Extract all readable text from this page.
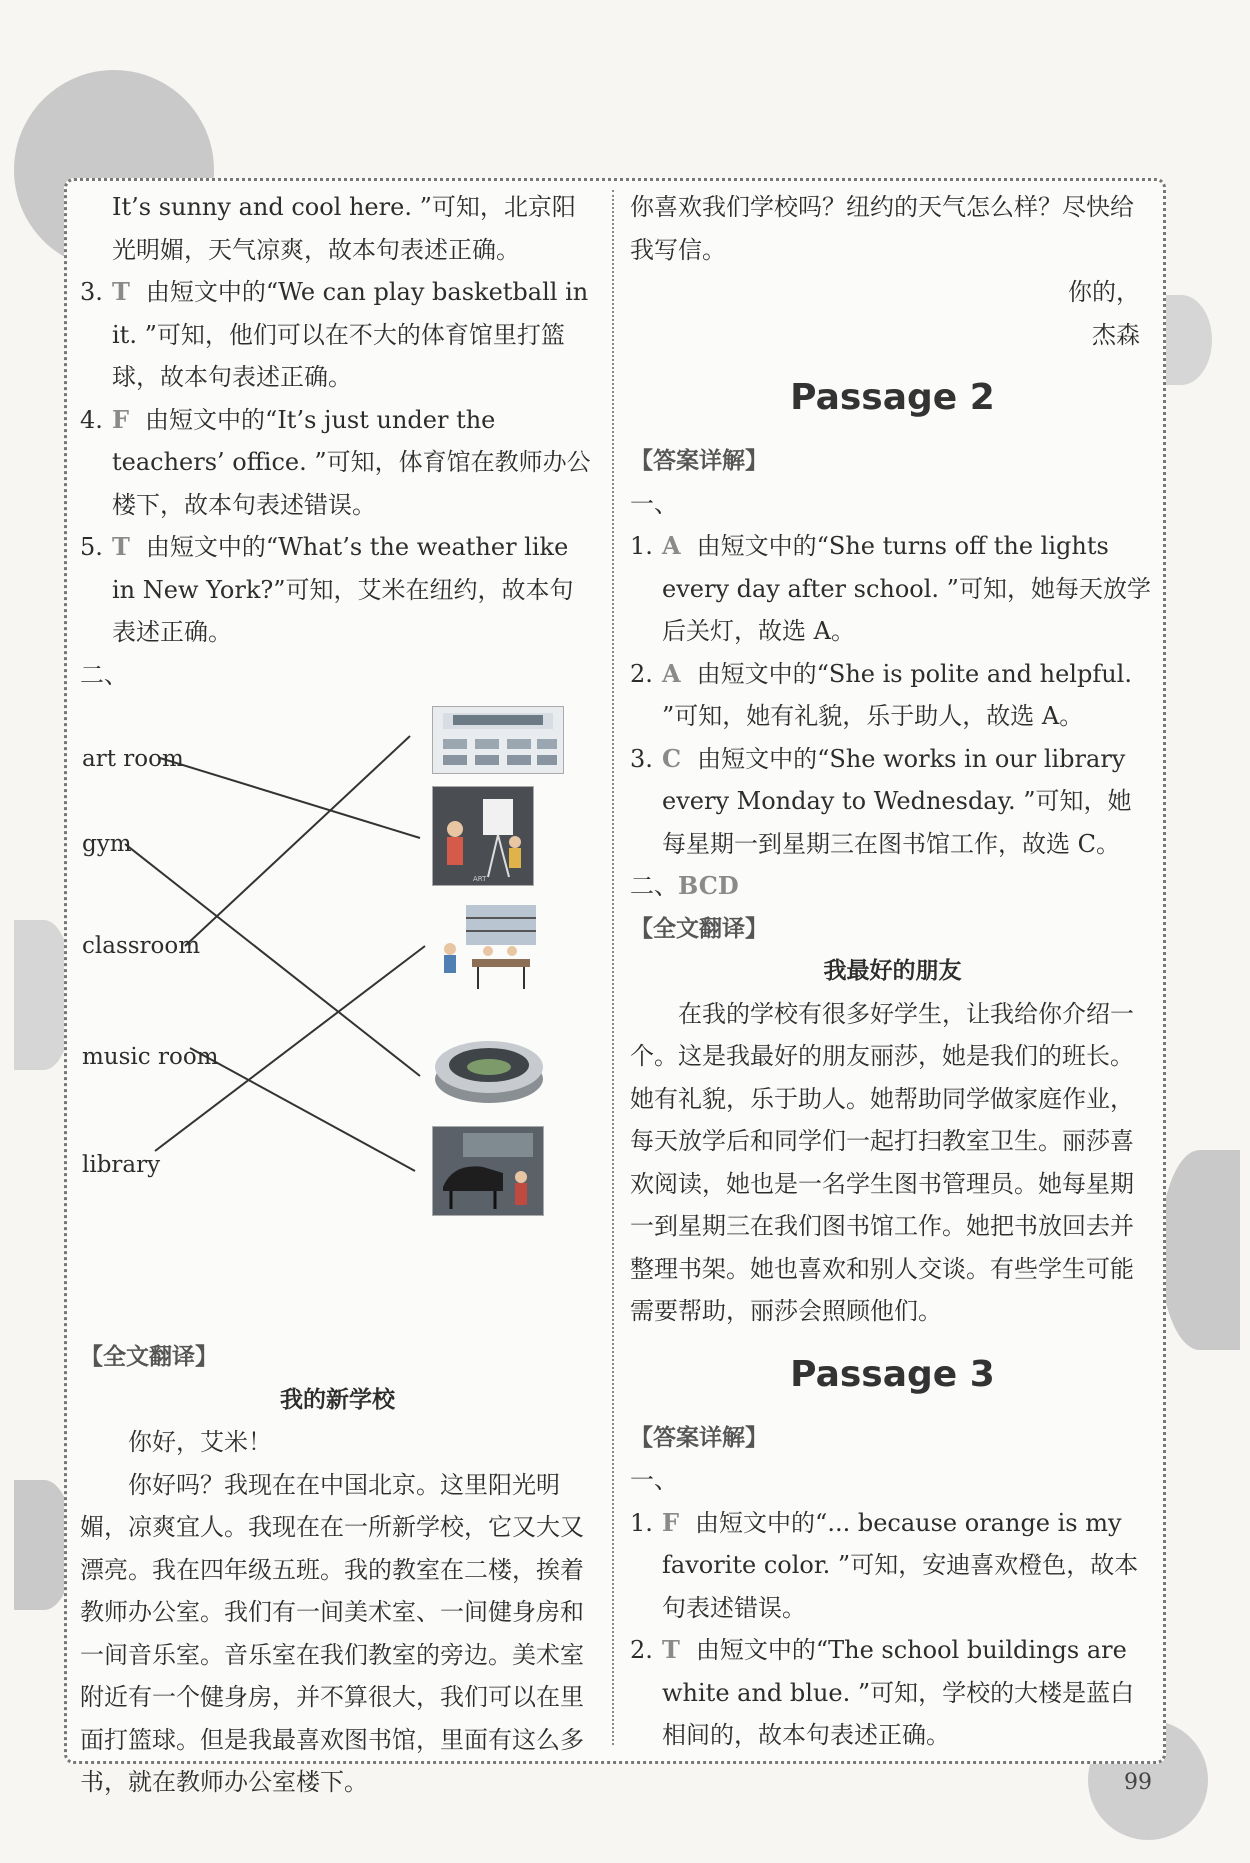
It’s sunny and cool here. ”可知，北京阳光明媚，天气凉爽，故本句表述正确。

3. T 由短文中的“We can play basketball in it. ”可知，他们可以在不大的体育馆里打篮球，故本句表述正确。
4. F 由短文中的“It’s just under the teachers’ office. ”可知，体育馆在教师办公楼下，故本句表述错误。
5. T 由短文中的“What’s the weather like in New York?”可知，艾米在纽约，故本句表述正确。

二、

art room
gym
classroom
music room
library
ART

【全文翻译】

我的新学校

你好，艾米！

你好吗？我现在在中国北京。这里阳光明媚，凉爽宜人。我现在在一所新学校，它又大又漂亮。我在四年级五班。我的教室在二楼，挨着教师办公室。我们有一间美术室、一间健身房和一间音乐室。音乐室在我们教室的旁边。美术室附近有一个健身房，并不算很大，我们可以在里面打篮球。但是我最喜欢图书馆，里面有这么多书，就在教师办公室楼下。

你喜欢我们学校吗？纽约的天气怎么样？尽快给我写信。

你的，

杰森

Passage 2

【答案详解】

一、

1. A 由短文中的“She turns off the lights every day after school. ”可知，她每天放学后关灯，故选 A。
2. A 由短文中的“She is polite and helpful. ”可知，她有礼貌，乐于助人，故选 A。
3. C 由短文中的“She works in our library every Monday to Wednesday. ”可知，她每星期一到星期三在图书馆工作，故选 C。

二、BCD

【全文翻译】

我最好的朋友

在我的学校有很多好学生，让我给你介绍一个。这是我最好的朋友丽莎，她是我们的班长。她有礼貌，乐于助人。她帮助同学做家庭作业，每天放学后和同学们一起打扫教室卫生。丽莎喜欢阅读，她也是一名学生图书管理员。她每星期一到星期三在我们图书馆工作。她把书放回去并整理书架。她也喜欢和别人交谈。有些学生可能需要帮助，丽莎会照顾他们。

Passage 3

【答案详解】

一、

1. F 由短文中的“... because orange is my favorite color. ”可知，安迪喜欢橙色，故本句表述错误。
2. T 由短文中的“The school buildings are white and blue. ”可知，学校的大楼是蓝白相间的，故本句表述正确。
99
